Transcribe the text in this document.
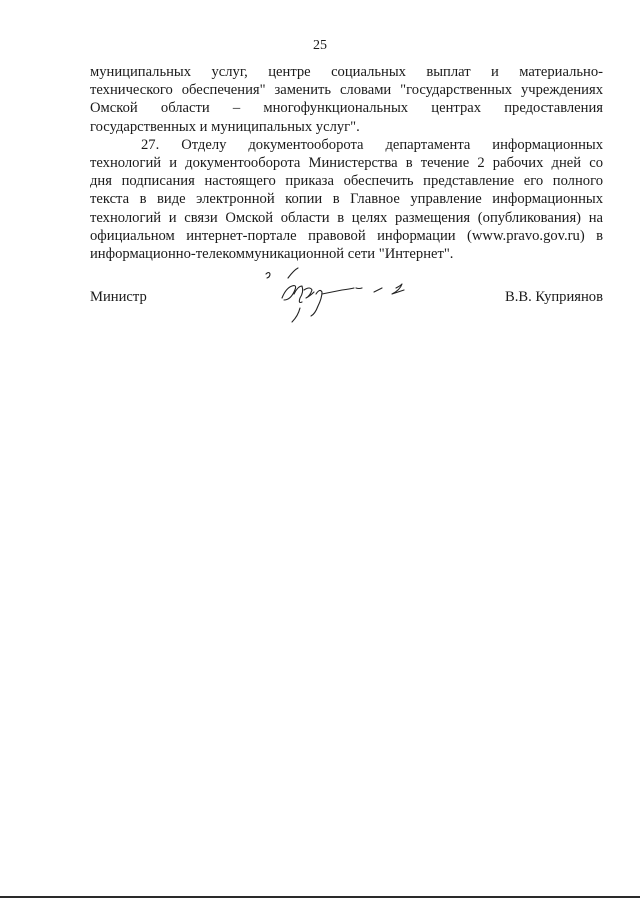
25
муниципальных услуг, центре социальных выплат и материально-
технического обеспечения" заменить словами "государственных учреждениях
Омской области – многофункциональных центрах предоставления
государственных и муниципальных услуг".
27. Отделу документооборота департамента информационных
технологий и документооборота Министерства в течение 2 рабочих дней со
дня подписания настоящего приказа обеспечить представление его полного
текста в виде электронной копии в Главное управление информационных
технологий и связи Омской области в целях размещения (опубликования) на
официальном интернет-портале правовой информации (www.pravo.gov.ru) в
информационно-телекоммуникационной сети "Интернет".
Министр	В.В. Куприянов
